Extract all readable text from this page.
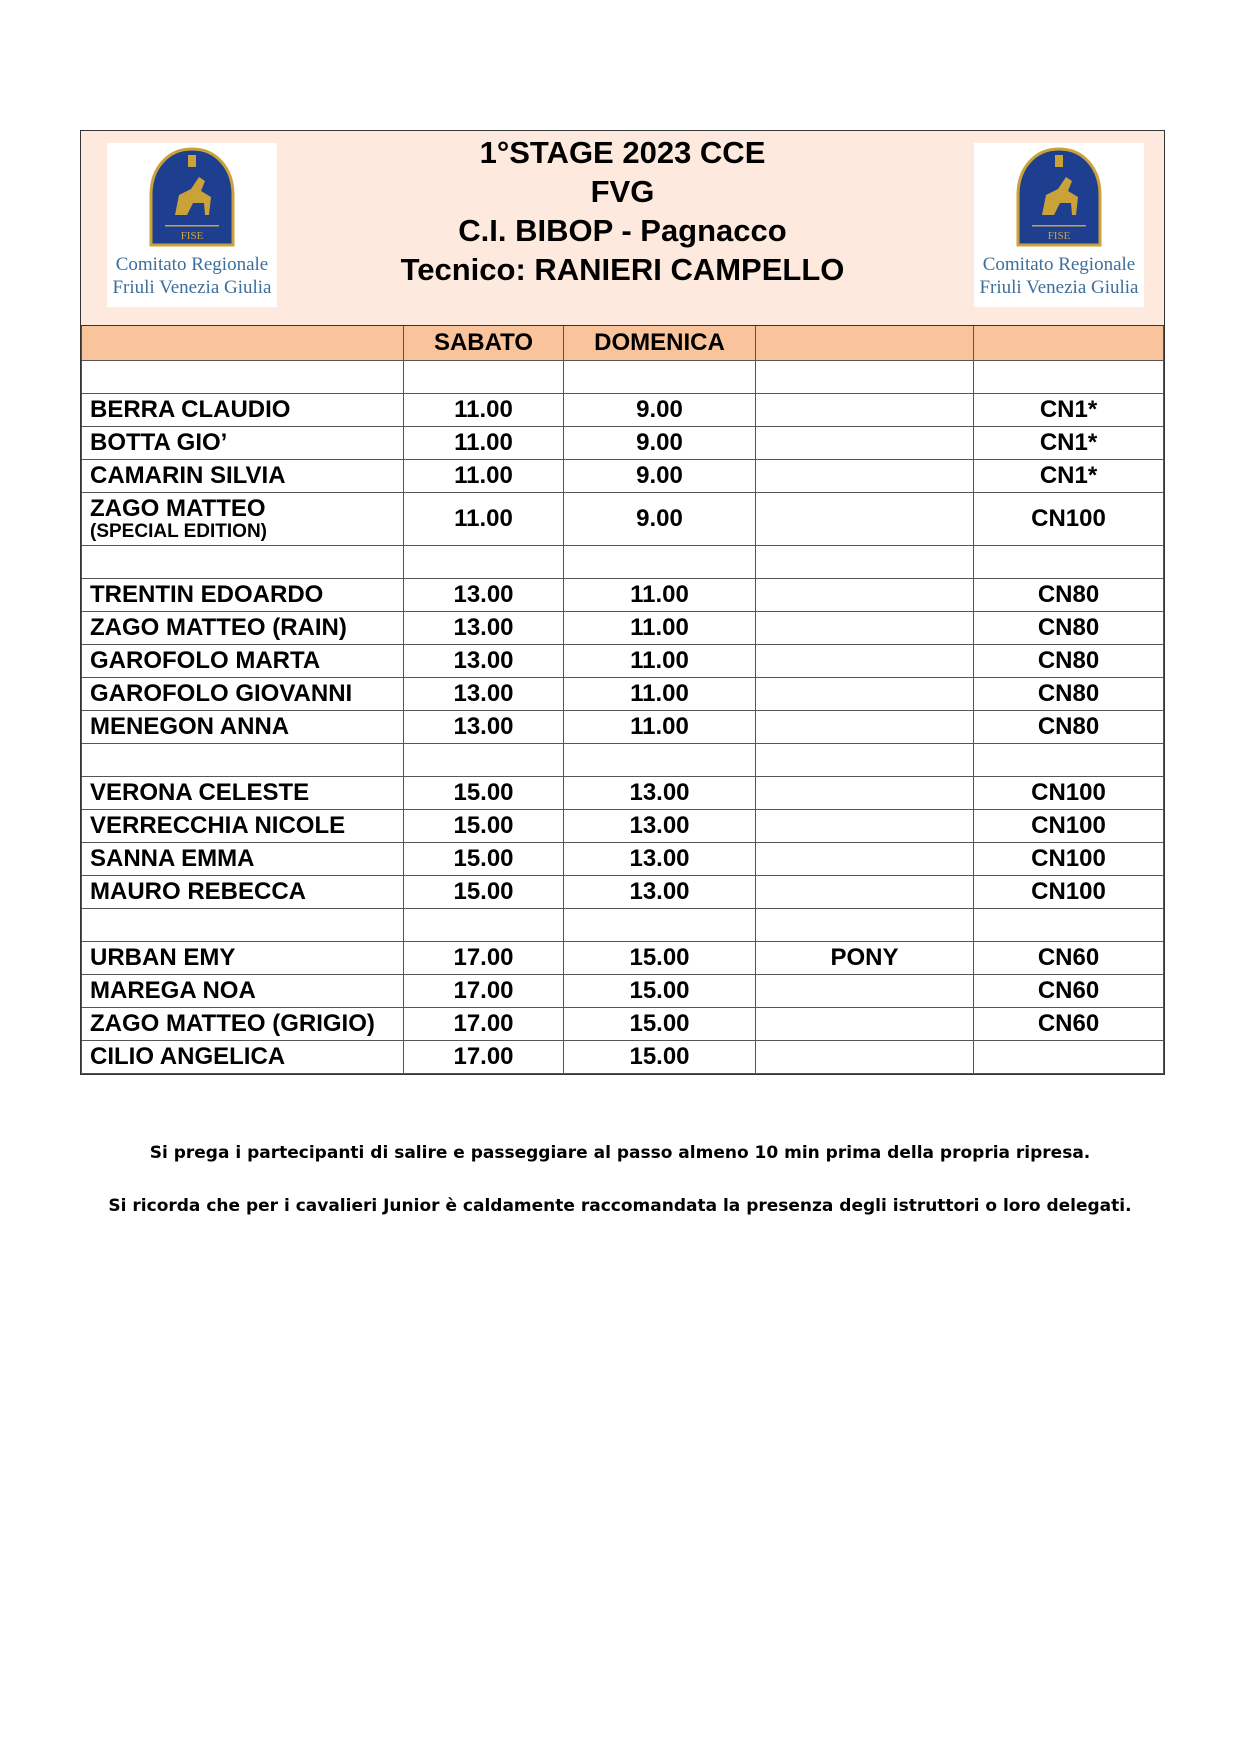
FISE
Comitato Regionale
Friuli Venezia Giulia
1°STAGE 2023 CCE
FVG
C.I. BIBOP - Pagnacco
Tecnico: RANIERI CAMPELLO
FISE
Comitato Regionale
Friuli Venezia Giulia
	SABATO	DOMENICA		

BERRA CLAUDIO	11.00	9.00		CN1*
BOTTA GIO’	11.00	9.00		CN1*
CAMARIN SILVIA	11.00	9.00		CN1*

ZAGO MATTEO
(SPECIAL EDITION)	11.00	9.00		CN100

TRENTIN EDOARDO	13.00	11.00		CN80
ZAGO MATTEO (RAIN)	13.00	11.00		CN80
GAROFOLO MARTA	13.00	11.00		CN80
GAROFOLO GIOVANNI	13.00	11.00		CN80
MENEGON ANNA	13.00	11.00		CN80

VERONA CELESTE	15.00	13.00		CN100
VERRECCHIA NICOLE	15.00	13.00		CN100
SANNA EMMA	15.00	13.00		CN100
MAURO REBECCA	15.00	13.00		CN100

URBAN EMY	17.00	15.00	PONY	CN60
MAREGA NOA	17.00	15.00		CN60
ZAGO MATTEO (GRIGIO)	17.00	15.00		CN60
CILIO ANGELICA	17.00	15.00		
Si prega i partecipanti di salire e passeggiare al passo almeno 10 min prima della propria ripresa.
Si ricorda che per i cavalieri Junior è caldamente raccomandata la presenza degli istruttori o loro delegati.
